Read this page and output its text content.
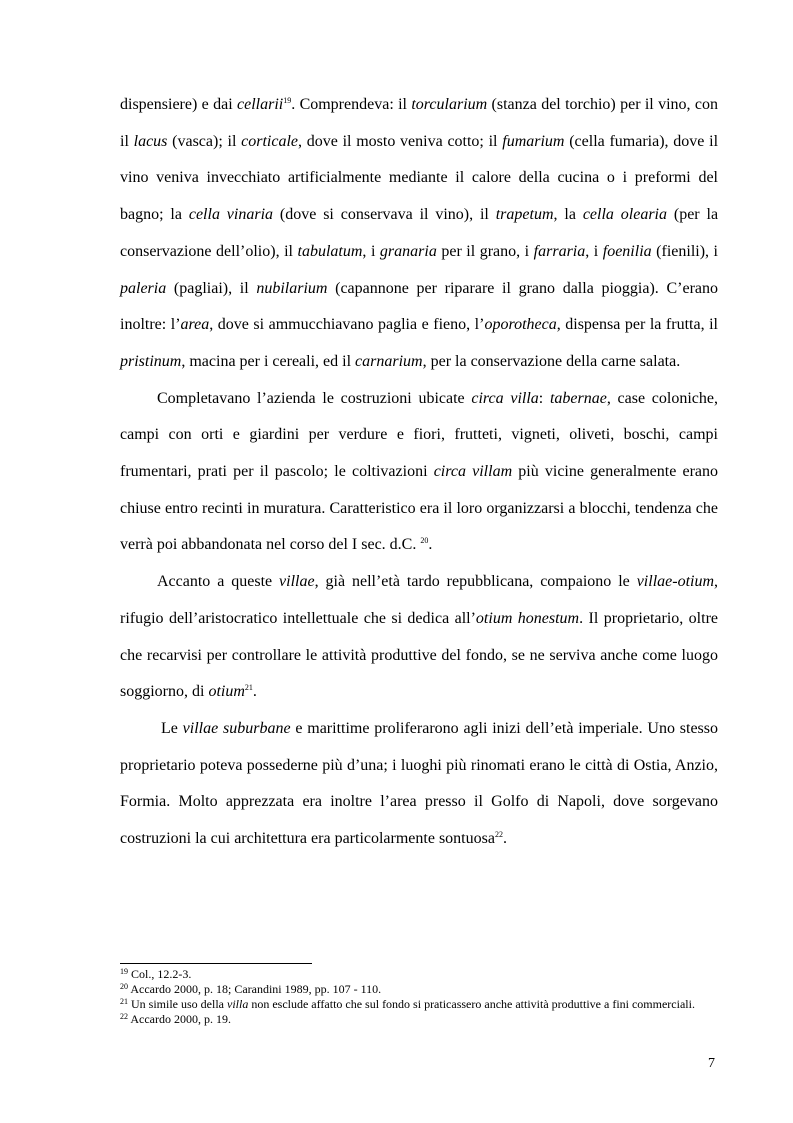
dispensiere) e dai cellarii$^{19}$. Comprendeva: il torcularium (stanza del torchio) per il vino, con il lacus (vasca); il corticale, dove il mosto veniva cotto; il fumarium (cella fumaria), dove il vino veniva invecchiato artificialmente mediante il calore della cucina o i preformi del bagno; la cella vinaria (dove si conservava il vino), il trapetum, la cella olearia (per la conservazione dell’olio), il tabulatum, i granaria per il grano, i farraria, i foenilia (fienili), i paleria (pagliai), il nubilarium (capannone per riparare il grano dalla pioggia). C’erano inoltre: l’area, dove si ammucchiavano paglia e fieno, l’oporotheca, dispensa per la frutta, il pristinum, macina per i cereali, ed il carnarium, per la conservazione della carne salata.

Completavano l’azienda le costruzioni ubicate circa villa: tabernae, case coloniche, campi con orti e giardini per verdure e fiori, frutteti, vigneti, oliveti, boschi, campi frumentari, prati per il pascolo; le coltivazioni circa villam più vicine generalmente erano chiuse entro recinti in muratura. Caratteristico era il loro organizzarsi a blocchi, tendenza che verrà poi abbandonata nel corso del I sec. d.C. $^{20}$.

Accanto a queste villae, già nell’età tardo repubblicana, compaiono le villae-otium, rifugio dell’aristocratico intellettuale che si dedica all’otium honestum. Il proprietario, oltre che recarvisi per controllare le attività produttive del fondo, se ne serviva anche come luogo soggiorno, di otium$^{21}$.

Le villae suburbane e marittime proliferarono agli inizi dell’età imperiale. Uno stesso proprietario poteva possederne più d’una; i luoghi più rinomati erano le città di Ostia, Anzio, Formia. Molto apprezzata era inoltre l’area presso il Golfo di Napoli, dove sorgevano costruzioni la cui architettura era particolarmente sontuosa$^{22}$.

$^{19}$ Col., 12.2-3.

$^{20}$ Accardo 2000, p. 18; Carandini 1989, pp. 107 - 110.

$^{21}$ Un simile uso della villa non esclude affatto che sul fondo si praticassero anche attività produttive a fini commerciali.

$^{22}$ Accardo 2000, p. 19.

7
